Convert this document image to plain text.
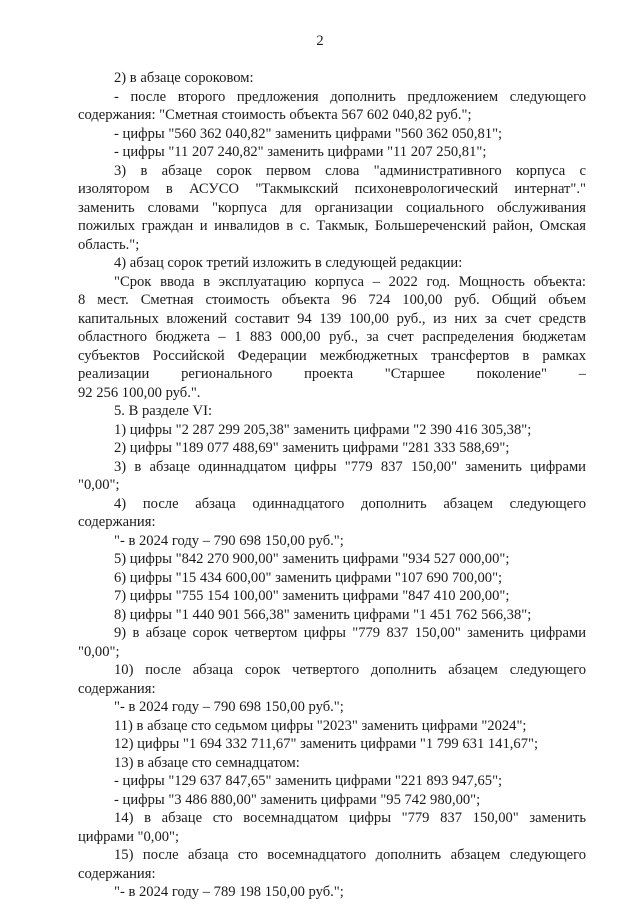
2
2) в абзаце сороковом:
- после второго предложения дополнить предложением следующего
содержания: "Сметная стоимость объекта 567 602 040,82 руб.";
- цифры "560 362 040,82" заменить цифрами "560 362 050,81";
- цифры "11 207 240,82" заменить цифрами "11 207 250,81";
3) в абзаце сорок первом слова "административного корпуса с
изолятором в АСУСО "Такмыкский психоневрологический интернат"."
заменить словами "корпуса для организации социального обслуживания
пожилых граждан и инвалидов в с. Такмык, Большереченский район, Омская
область.";
4) абзац сорок третий изложить в следующей редакции:
"Срок ввода в эксплуатацию корпуса – 2022 год. Мощность объекта:
8 мест. Сметная стоимость объекта 96 724 100,00 руб. Общий объем
капитальных вложений составит 94 139 100,00 руб., из них за счет средств
областного бюджета – 1 883 000,00 руб., за счет распределения бюджетам
субъектов Российской Федерации межбюджетных трансфертов в рамках
реализации регионального проекта "Старшее поколение" –
92 256 100,00 руб.".
5. В разделе VI:
1) цифры "2 287 299 205,38" заменить цифрами "2 390 416 305,38";
2) цифры "189 077 488,69" заменить цифрами "281 333 588,69";
3) в абзаце одиннадцатом цифры "779 837 150,00" заменить цифрами
"0,00";
4) после абзаца одиннадцатого дополнить абзацем следующего
содержания:
"- в 2024 году – 790 698 150,00 руб.";
5) цифры "842 270 900,00" заменить цифрами "934 527 000,00";
6) цифры "15 434 600,00" заменить цифрами "107 690 700,00";
7) цифры "755 154 100,00" заменить цифрами "847 410 200,00";
8) цифры "1 440 901 566,38" заменить цифрами "1 451 762 566,38";
9) в абзаце сорок четвертом цифры "779 837 150,00" заменить цифрами
"0,00";
10) после абзаца сорок четвертого дополнить абзацем следующего
содержания:
"- в 2024 году – 790 698 150,00 руб.";
11) в абзаце сто седьмом цифры "2023" заменить цифрами "2024";
12) цифры "1 694 332 711,67" заменить цифрами "1 799 631 141,67";
13) в абзаце сто семнадцатом:
- цифры "129 637 847,65" заменить цифрами "221 893 947,65";
- цифры "3 486 880,00" заменить цифрами "95 742 980,00";
14) в абзаце сто восемнадцатом цифры "779 837 150,00" заменить
цифрами "0,00";
15) после абзаца сто восемнадцатого дополнить абзацем следующего
содержания:
"- в 2024 году – 789 198 150,00 руб.";
